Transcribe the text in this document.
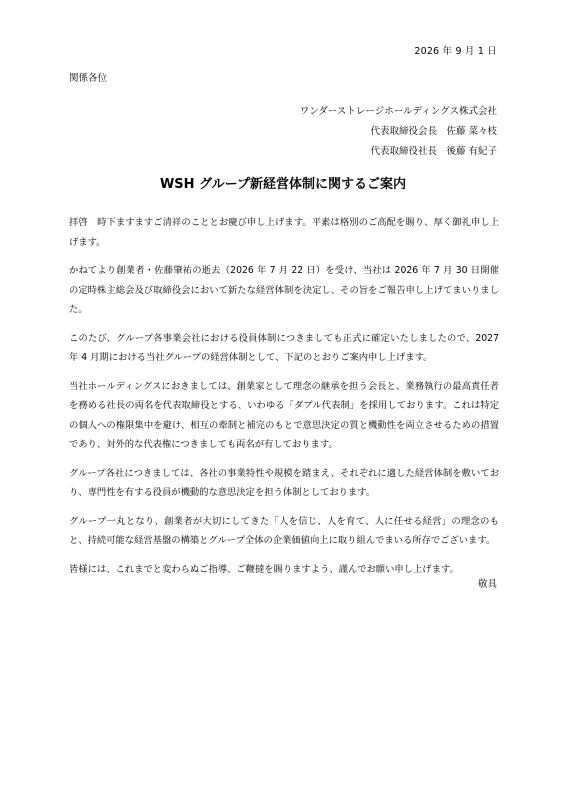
2026 年 9 月 1 日
関係各位
ワンダーストレージホールディングス株式会社
代表取締役会長　佐藤 菜々枝
代表取締役社長　後藤 有紀子
WSH グループ新経営体制に関するご案内

拝啓　時下ますますご清祥のこととお慶び申し上げます。平素は格別のご高配を賜り、厚く御礼申し上げます。

かねてより創業者・佐藤肇祐の逝去（2026 年 7 月 22 日）を受け、当社は 2026 年 7 月 30 日開催の定時株主総会及び取締役会において新たな経営体制を決定し、その旨をご報告申し上げてまいりました。

このたび、グループ各事業会社における役員体制につきましても正式に確定いたしましたので、2027 年 4 月期における当社グループの経営体制として、下記のとおりご案内申し上げます。

当社ホールディングスにおきましては、創業家として理念の継承を担う会長と、業務執行の最高責任者を務める社長の両名を代表取締役とする、いわゆる「ダブル代表制」を採用しております。これは特定の個人への権限集中を避け、相互の牽制と補完のもとで意思決定の質と機動性を両立させるための措置であり、対外的な代表権につきましても両名が有しております。

グループ各社につきましては、各社の事業特性や規模を踏まえ、それぞれに適した経営体制を敷いており、専門性を有する役員が機動的な意思決定を担う体制としております。

グループ一丸となり、創業者が大切にしてきた「人を信じ、人を育て、人に任せる経営」の理念のもと、持続可能な経営基盤の構築とグループ全体の企業価値向上に取り組んでまいる所存でございます。

皆様には、これまでと変わらぬご指導、ご鞭撻を賜りますよう、謹んでお願い申し上げます。

敬具
